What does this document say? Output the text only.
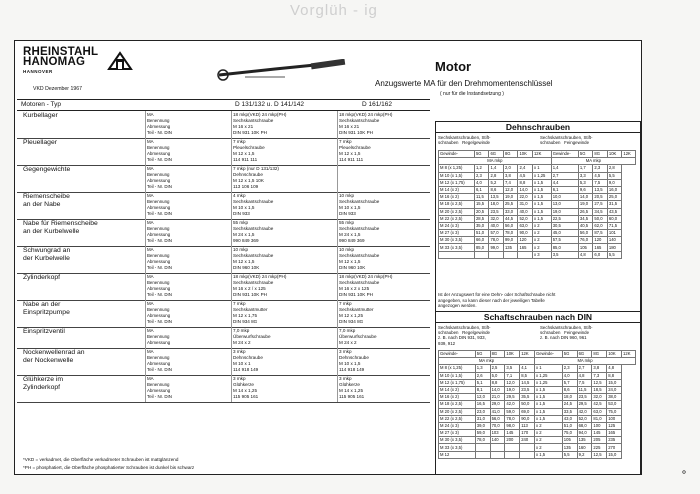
Vorglüh - ig
RHEINSTAHL
HANOMAG
HANNOVER
VKD Dezember 1967
Motor
Anzugswerte MA für den Drehmomentenschlüssel
( nur für die Instandsetzung )
Motoren - Typ	D 131/132 u. D 141/142	D 161/162
Kurbellager	MA	18 mkp(VKD) 24 mkp(PH)	18 mkp(VKD) 24 mkp(PH)
Benennung	Sechskantschraube	Sechskantschraube
Abmessung	M 16 x 21	M 16 x 21
Teil - Nr. DIN	DIN 931 10K PH	DIN 931 10K PH
Pleuellager	MA	7 mkp	7 mkp
Benennung	Pleuelschraube	Pleuelschraube
Abmessung	M 12 x 1,5	M 12 x 1,5
Teil - Nr. DIN	114 911 111	114 911 111
Gegengewichte	MA	7 mkp (nur D 131/132)
Benennung	Dehnschraube
Abmessung	M 12 x 1,5 10K
Teil - Nr. DIN	113 106 109
Riemenscheibe
an der Nabe
MA	4 mkp	10 mkp
Benennung	Sechskantschraube	Sechskantschraube
Abmessung	M 10 x 1,5	M 10 x 1,5
Teil - Nr. DIN	DIN 933	DIN 933
Nabe für Riemenscheibe
an der Kurbelwelle
MA	55 mkp	55 mkp
Benennung	Sechskantschraube	Sechskantschraube
Abmessung	M 24 x 1,5	M 24 x 1,5
Teil - Nr. DIN	990 849 369	990 849 369
Schwungrad an
der Kurbelwelle
MA	10 mkp	10 mkp
Benennung	Sechskantschraube	Sechskantschraube
Abmessung	M 12 x 1,5	M 12 x 1,5
Teil - Nr. DIN	DIN 960 10K	DIN 960 10K
Zylinderkopf	MA	18 mkp(VKD) 24 mkp(PH)	18 mkp(VKD) 24 mkp(PH)
Benennung	Sechskantschraube	Sechskantschraube
Abmessung	M 16 x 2 / x 125	M 16 x 2 x 125
Teil - Nr. DIN	DIN 931 10K PH	DIN 931 10K PH
Nabe an der
Einspritzpumpe
MA	7 mkp	7 mkp
Benennung	Sechskantmutter	Sechskantmutter
Abmessung	M 12 x 1,75	M 12 x 1,25
Teil - Nr. DIN	DIN 934 8G	DIN 934 8G
Einspritzventil	MA	7,0 mkp	7,0 mkp
Benennung	Überwurfschraube	Überwurfschraube
Abmessung	M 24 x 2	M 24 x 2
Nockenwellenrad an
der Nockenwelle
MA	3 mkp	3 mkp
Benennung	Dehnschraube	Dehnschraube
Abmessung	M 10 x 1	M 10 x 1,5
Teil - Nr. DIN	114 918 149	114 918 149
Glühkerze im
Zylinderkopf
MA	3 mkp	3 mkp
Benennung	Glühkerze	Glühkerze
Abmessung	M 14 x 1,25	M 14 x 1,25
Teil - Nr. DIN	115 905 161	115 905 161
*VKD = verkadmet, die Oberfläche verkadmeter Schrauben ist mattglänzend
*PH = phosphatiert, die Oberfläche phosphatierter Schrauben ist dunkel bis schwarz
Dehnschrauben
Sechskantschrauben, Stift-
schrauben   Regelgewinde
Sechskantschrauben, Stift-
schrauben   Feingewinde
Gewinde-	5G	6G	8G	10K	12K	Gewinde-	5G	8G	10K	12K
MA mkp						MA mkp				
M 8 (x 1,25)	1,2	1,4	2,0	2,4	x 1	1,4	1,7	2,3	2,8	
M 10 (x 1,5)	2,3	2,8	3,8	4,5	x 1,25	2,7	3,3	4,5	5,5	
M 12 (x 1,75)	4,0	5,2	7,4	8,8	x 1,5	4,4	5,3	7,5	9,0	
M 14 (x 2)	6,1	8,6	12,0	14,0	x 1,5	6,1	9,6	13,5	16,0	
M 16 (x 2)	11,5	13,5	19,0	22,0	x 1,5	10,0	14,0	20,5	25,0	
M 18 (x 2,5)	15,5	18,0	25,5	31,0	x 1,5	13,0	19,0	27,5	31,5	
M 20 (x 2,5)	20,5	23,5	33,0	40,0	x 1,5	19,0	26,5	34,5	43,5	
M 22 (x 2,5)	28,5	32,0	44,5	52,0	x 1,5	22,5	34,5	50,0	60,0	
M 24 (x 3)	35,0	40,0	56,0	63,0	x 2	30,5	40,5	62,0	71,5	
M 27 (x 3)	51,0	57,0	78,0	90,0	x 2	45,0	56,0	87,5	101	
M 30 (x 3,5)	66,0	78,0	99,0	120	x 2	57,5	76,0	120	140	
M 33 (x 3,5)	85,0	99,0	135	165	x 2	85,0	105	165	180	
					x 3	3,5	4,8	6,0	5,5	
Ist der Anzugswert für eine Dehn- oder Schaftschraube nicht
angegeben, so kann dieser nach der jeweiligen Tabelle
angezogen werden.
Schaftschrauben nach DIN
Sechskantschrauben, Stift-
schrauben   Regelgewinde
z. B. nach DIN 931, 933,
939, 912
Sechskantschrauben, Stift-
schrauben   Feingewinde
z. B. nach DIN 960, 961
Gewinde-	5G	8G	10K	12K	Gewinde-	5G	6G	8G	10K	12K
MA mkp					MA mkp					
M 8 (x 1,25)	1,3	2,5	3,5	4,1	x 1	2,3	2,7	3,8	4,8	
M 10 (x 1,5)	2,6	5,0	7,1	8,5	x 1,25	4,0	4,8	7,3	8,8	
M 12 (x 1,75)	5,1	8,8	12,0	14,5	x 1,25	5,7	7,5	12,5	15,0	
M 14 (x 2)	8,1	14,0	19,0	23,5	x 1,5	8,6	11,5	18,5	24,0	
M 16 (x 2)	12,0	21,0	29,5	35,5	x 1,5	18,0	23,5	32,0	38,0	
M 18 (x 2,5)	16,5	29,0	42,0	50,0	x 1,5	24,5	29,5	42,5	53,0	
M 20 (x 2,5)	23,0	41,0	59,0	69,0	x 1,5	33,5	42,0	63,0	75,0	
M 22 (x 2,5)	31,0	56,0	78,0	90,0	x 1,5	43,0	52,0	81,0	100	
M 24 (x 3)	39,0	70,0	98,0	113	x 2	51,0	68,0	100	125	
M 27 (x 3)	59,0	103	145	170	x 2	75,0	94,0	145	165	
M 30 (x 3,5)	78,0	140	200	240	x 2	105	135	205	235	
M 33 (x 3,5)					x 2	135	160	225	270	
M 12					x 1,5	5,5	9,2	12,5	15,0	
Φ
